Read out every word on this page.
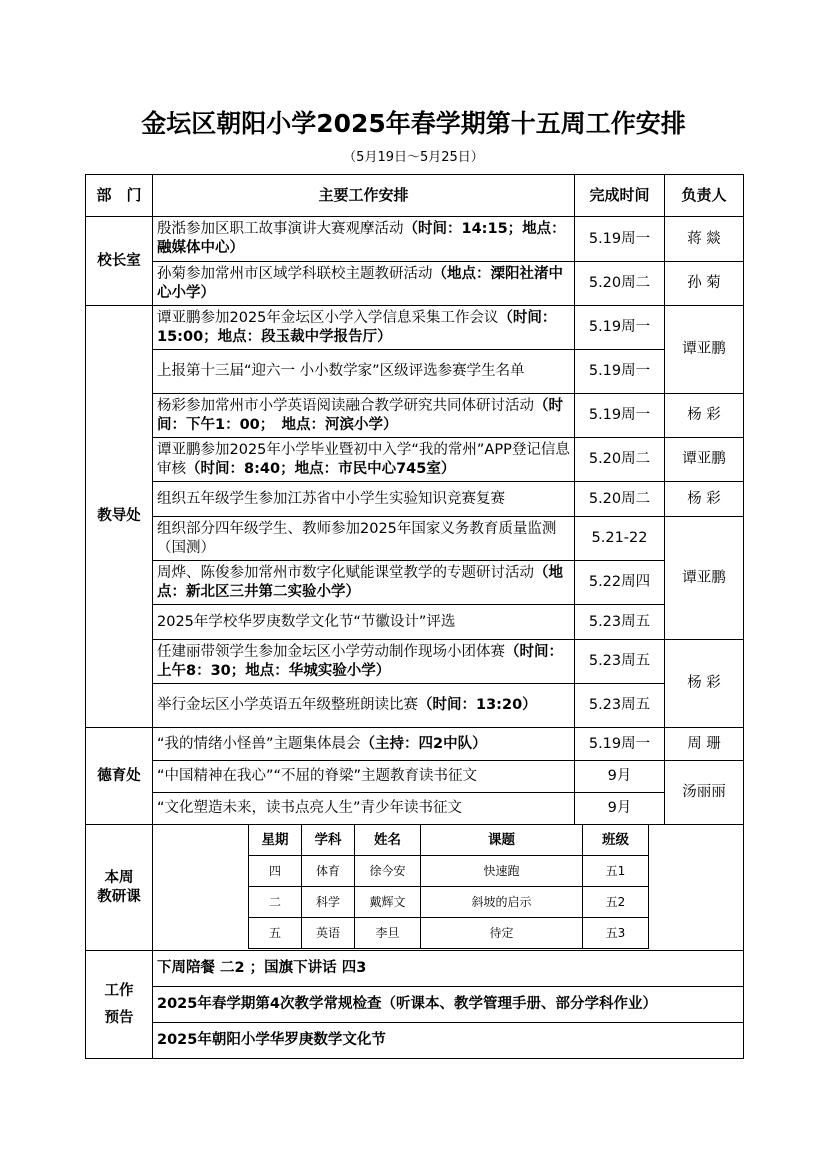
金坛区朝阳小学2025年春学期第十五周工作安排
（5月19日～5月25日）
部　门	主要工作安排	完成时间	负责人
校长室	殷湉参加区职工故事演讲大赛观摩活动（时间：14:15；地点：融媒体中心）	5.19周一	蒋 燚
孙菊参加常州市区域学科联校主题教研活动（地点：溧阳社渚中心小学）	5.20周二	孙 菊
教导处	谭亚鹏参加2025年金坛区小学入学信息采集工作会议（时间：15:00；地点：段玉裁中学报告厅）	5.19周一	谭亚鹏
上报第十三届“迎六一 小小数学家”区级评选参赛学生名单	5.19周一
杨彩参加常州市小学英语阅读融合教学研究共同体研讨活动（时间：下午1：00；　地点：河滨小学）	5.19周一	杨 彩
谭亚鹏参加2025年小学毕业暨初中入学“我的常州”APP登记信息审核（时间：8:40；地点：市民中心745室）	5.20周二	谭亚鹏
组织五年级学生参加江苏省中小学生实验知识竞赛复赛	5.20周二	杨 彩
组织部分四年级学生、教师参加2025年国家义务教育质量监测（国测）	5.21-22	谭亚鹏
周烨、陈俊参加常州市数字化赋能课堂教学的专题研讨活动（地点：新北区三井第二实验小学）	5.22周四
2025年学校华罗庚数学文化节“节徽设计”评选	5.23周五
任建丽带领学生参加金坛区小学劳动制作现场小团体赛（时间：上午8：30；地点：华城实验小学）	5.23周五	杨 彩
举行金坛区小学英语五年级整班朗读比赛（时间：13:20）	5.23周五
德育处	“我的情绪小怪兽”主题集体晨会（主持：四2中队）	5.19周一	周 珊
“中国精神在我心”“不屈的脊梁”主题教育读书征文	9月	汤丽丽
“文化塑造未来，读书点亮人生”青少年读书征文	9月

本周
教研课

星期	学科	姓名	课题	班级
四	体育	徐今安	快速跑	五1
二	科学	戴辉文	斜坡的启示	五2
五	英语	李旦	待定	五3

工作
预告
	下周陪餐 二2 ；国旗下讲话 四3
2025年春学期第4次教学常规检查（听课本、教学管理手册、部分学科作业）
2025年朝阳小学华罗庚数学文化节
